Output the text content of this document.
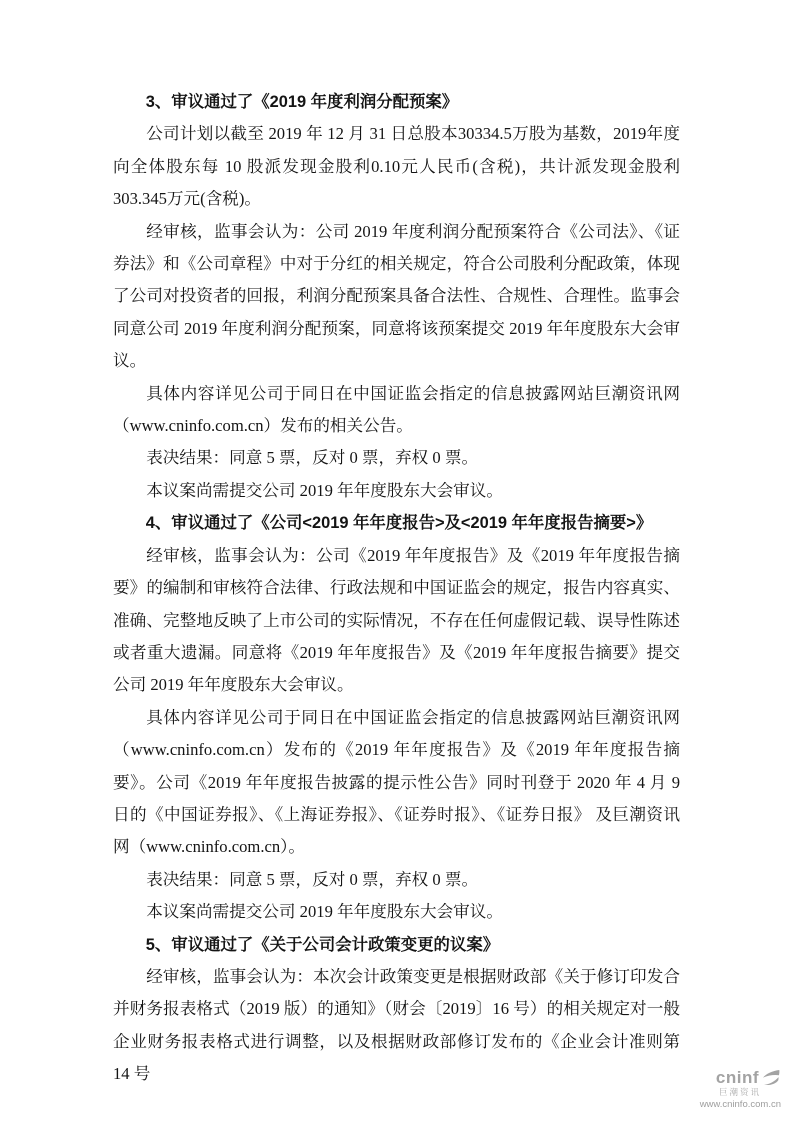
3、审议通过了《2019 年度利润分配预案》

公司计划以截至 2019 年 12 月 31 日总股本30334.5万股为基数，2019年度向全体股东每 10 股派发现金股利0.10元人民币(含税)，共计派发现金股利303.345万元(含税)。

经审核，监事会认为：公司 2019 年度利润分配预案符合《公司法》、《证券法》和《公司章程》中对于分红的相关规定，符合公司股利分配政策，体现了公司对投资者的回报，利润分配预案具备合法性、合规性、合理性。监事会同意公司 2019 年度利润分配预案，同意将该预案提交 2019 年年度股东大会审议。

具体内容详见公司于同日在中国证监会指定的信息披露网站巨潮资讯网（www.cninfo.com.cn）发布的相关公告。

表决结果：同意 5 票，反对 0 票，弃权 0 票。

本议案尚需提交公司 2019 年年度股东大会审议。

4、审议通过了《公司<2019 年年度报告>及<2019 年年度报告摘要>》

经审核，监事会认为：公司《2019 年年度报告》及《2019 年年度报告摘要》的编制和审核符合法律、行政法规和中国证监会的规定，报告内容真实、准确、完整地反映了上市公司的实际情况，不存在任何虚假记载、误导性陈述或者重大遗漏。同意将《2019 年年度报告》及《2019 年年度报告摘要》提交公司 2019 年年度股东大会审议。

具体内容详见公司于同日在中国证监会指定的信息披露网站巨潮资讯网（www.cninfo.com.cn）发布的《2019 年年度报告》及《2019 年年度报告摘要》。公司《2019 年年度报告披露的提示性公告》同时刊登于 2020 年 4 月 9 日的《中国证券报》、《上海证券报》、《证券时报》、《证券日报》 及巨潮资讯网（www.cninfo.com.cn）。

表决结果：同意 5 票，反对 0 票，弃权 0 票。

本议案尚需提交公司 2019 年年度股东大会审议。

5、审议通过了《关于公司会计政策变更的议案》

经审核，监事会认为：本次会计政策变更是根据财政部《关于修订印发合并财务报表格式（2019 版）的通知》（财会〔2019〕16 号）的相关规定对一般企业财务报表格式进行调整，以及根据财政部修订发布的《企业会计准则第 14 号	cninf
巨潮资讯
www.cninfo.com.cn
